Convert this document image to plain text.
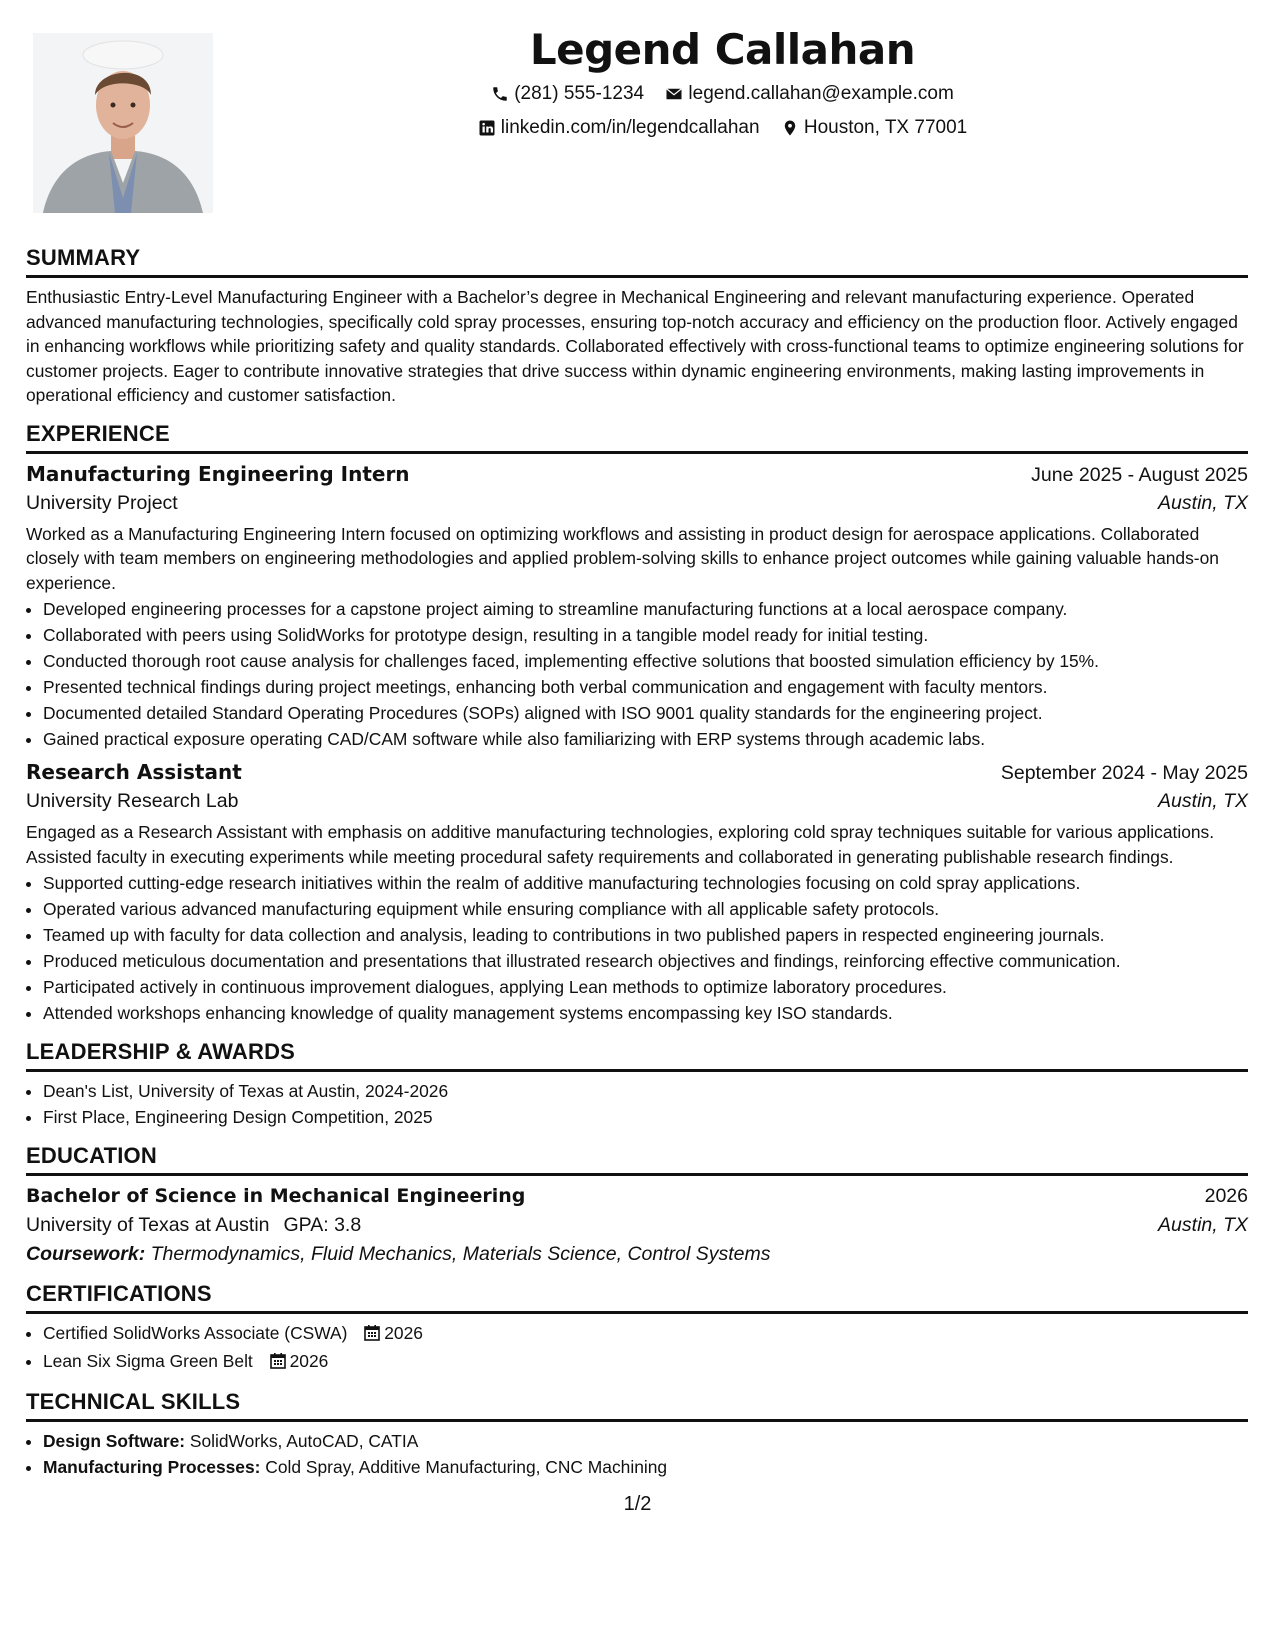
Legend Callahan
(281) 555-1234
legend.callahan@example.com
linkedin.com/in/legendcallahan
Houston, TX 77001
SUMMARY
Enthusiastic Entry-Level Manufacturing Engineer with a Bachelor’s degree in Mechanical Engineering and relevant manufacturing experience. Operated advanced manufacturing technologies, specifically cold spray processes, ensuring top-notch accuracy and efficiency on the production floor. Actively engaged in enhancing workflows while prioritizing safety and quality standards. Collaborated effectively with cross-functional teams to optimize engineering solutions for customer projects. Eager to contribute innovative strategies that drive success within dynamic engineering environments, making lasting improvements in operational efficiency and customer satisfaction.
EXPERIENCE
Manufacturing Engineering Intern	June 2025 - August 2025
University Project	Austin, TX
Worked as a Manufacturing Engineering Intern focused on optimizing workflows and assisting in product design for aerospace applications. Collaborated closely with team members on engineering methodologies and applied problem-solving skills to enhance project outcomes while gaining valuable hands-on experience.
• Developed engineering processes for a capstone project aiming to streamline manufacturing functions at a local aerospace company.
• Collaborated with peers using SolidWorks for prototype design, resulting in a tangible model ready for initial testing.
• Conducted thorough root cause analysis for challenges faced, implementing effective solutions that boosted simulation efficiency by 15%.
• Presented technical findings during project meetings, enhancing both verbal communication and engagement with faculty mentors.
• Documented detailed Standard Operating Procedures (SOPs) aligned with ISO 9001 quality standards for the engineering project.
• Gained practical exposure operating CAD/CAM software while also familiarizing with ERP systems through academic labs.
Research Assistant	September 2024 - May 2025
University Research Lab	Austin, TX
Engaged as a Research Assistant with emphasis on additive manufacturing technologies, exploring cold spray techniques suitable for various applications. Assisted faculty in executing experiments while meeting procedural safety requirements and collaborated in generating publishable research findings.
• Supported cutting-edge research initiatives within the realm of additive manufacturing technologies focusing on cold spray applications.
• Operated various advanced manufacturing equipment while ensuring compliance with all applicable safety protocols.
• Teamed up with faculty for data collection and analysis, leading to contributions in two published papers in respected engineering journals.
• Produced meticulous documentation and presentations that illustrated research objectives and findings, reinforcing effective communication.
• Participated actively in continuous improvement dialogues, applying Lean methods to optimize laboratory procedures.
• Attended workshops enhancing knowledge of quality management systems encompassing key ISO standards.
LEADERSHIP & AWARDS
• Dean's List, University of Texas at Austin, 2024-2026
• First Place, Engineering Design Competition, 2025
EDUCATION
Bachelor of Science in Mechanical Engineering	2026
University of Texas at Austin GPA: 3.8	Austin, TX
Coursework: Thermodynamics, Fluid Mechanics, Materials Science, Control Systems
CERTIFICATIONS
• Certified SolidWorks Associate (CSWA) 2026
• Lean Six Sigma Green Belt 2026
TECHNICAL SKILLS
• Design Software: SolidWorks, AutoCAD, CATIA
• Manufacturing Processes: Cold Spray, Additive Manufacturing, CNC Machining
1/2
